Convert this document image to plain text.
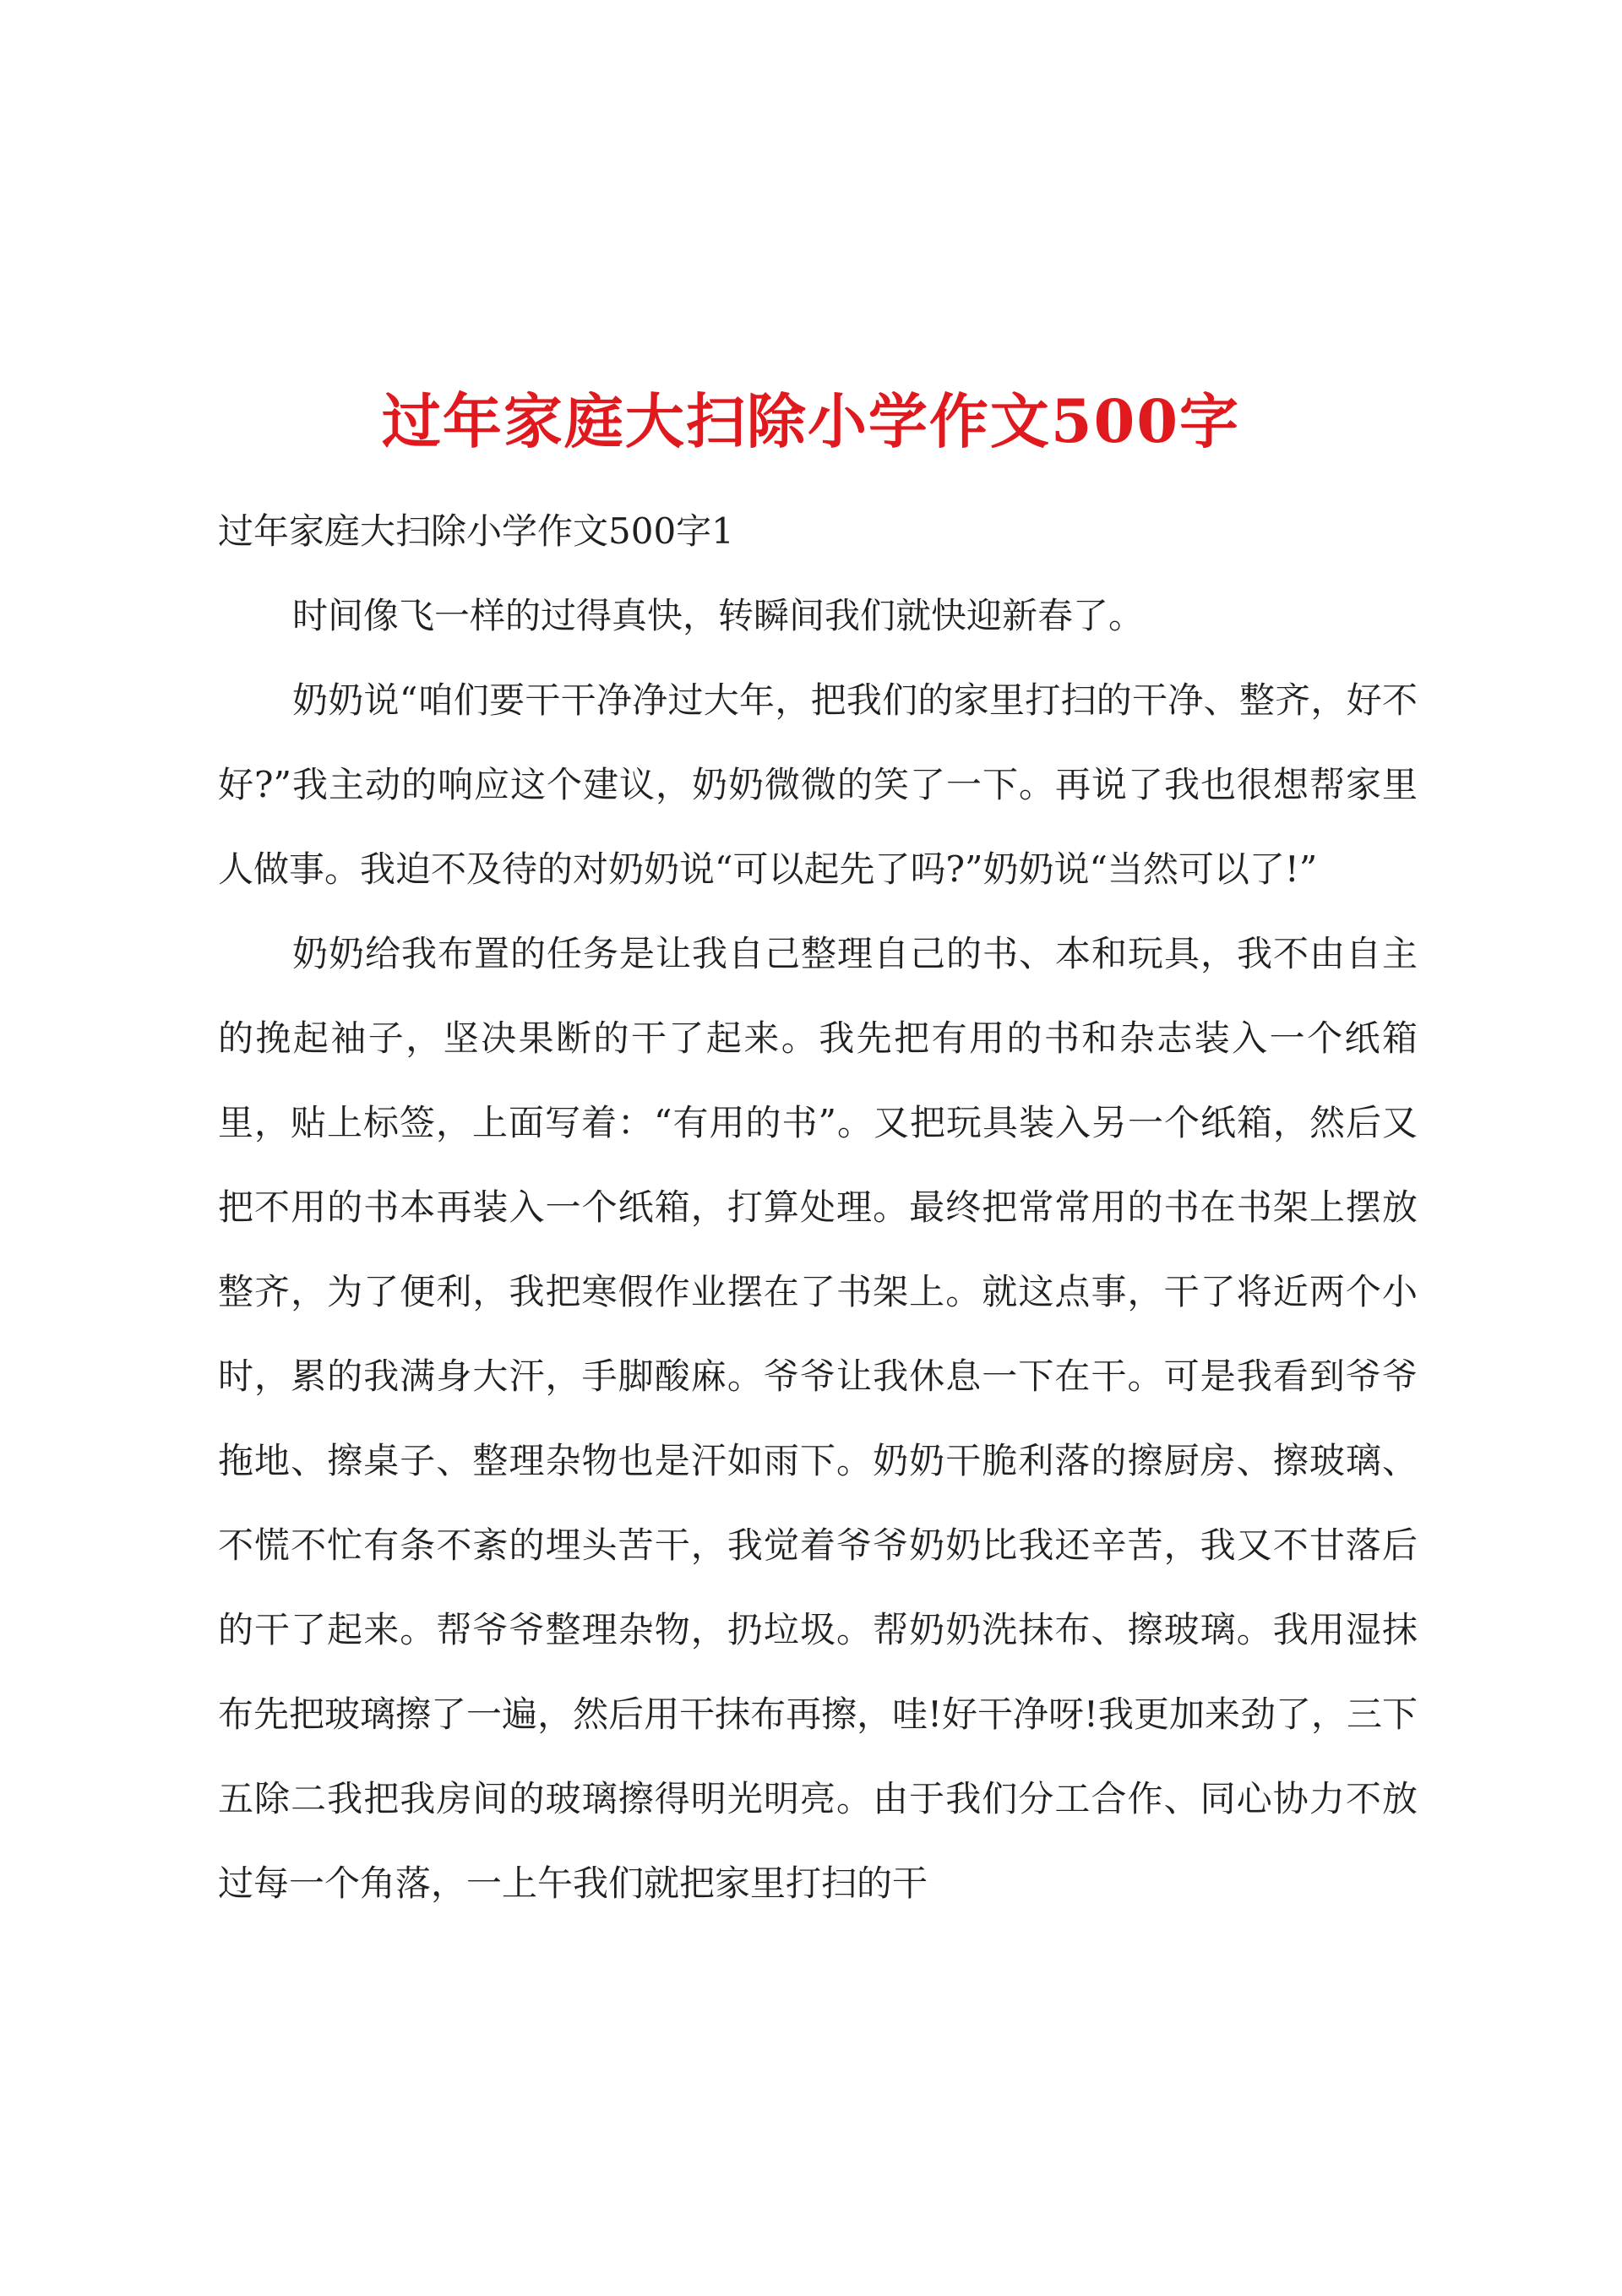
过年家庭大扫除小学作文500字

过年家庭大扫除小学作文500字1

时间像飞一样的过得真快，转瞬间我们就快迎新春了。

奶奶说“咱们要干干净净过大年，把我们的家里打扫的干净、整齐，好不好?”我主动的响应这个建议，奶奶微微的笑了一下。再说了我也很想帮家里人做事。我迫不及待的对奶奶说“可以起先了吗?”奶奶说“当然可以了!”

奶奶给我布置的任务是让我自己整理自己的书、本和玩具，我不由自主的挽起袖子，坚决果断的干了起来。我先把有用的书和杂志装入一个纸箱里，贴上标签，上面写着：“有用的书”。又把玩具装入另一个纸箱，然后又把不用的书本再装入一个纸箱，打算处理。最终把常常用的书在书架上摆放整齐，为了便利，我把寒假作业摆在了书架上。就这点事，干了将近两个小时，累的我满身大汗，手脚酸麻。爷爷让我休息一下在干。可是我看到爷爷拖地、擦桌子、整理杂物也是汗如雨下。奶奶干脆利落的擦厨房、擦玻璃、不慌不忙有条不紊的埋头苦干，我觉着爷爷奶奶比我还辛苦，我又不甘落后的干了起来。帮爷爷整理杂物，扔垃圾。帮奶奶洗抹布、擦玻璃。我用湿抹布先把玻璃擦了一遍，然后用干抹布再擦，哇!好干净呀!我更加来劲了，三下五除二我把我房间的玻璃擦得明光明亮。由于我们分工合作、同心协力不放过每一个角落，一上午我们就把家里打扫的干
